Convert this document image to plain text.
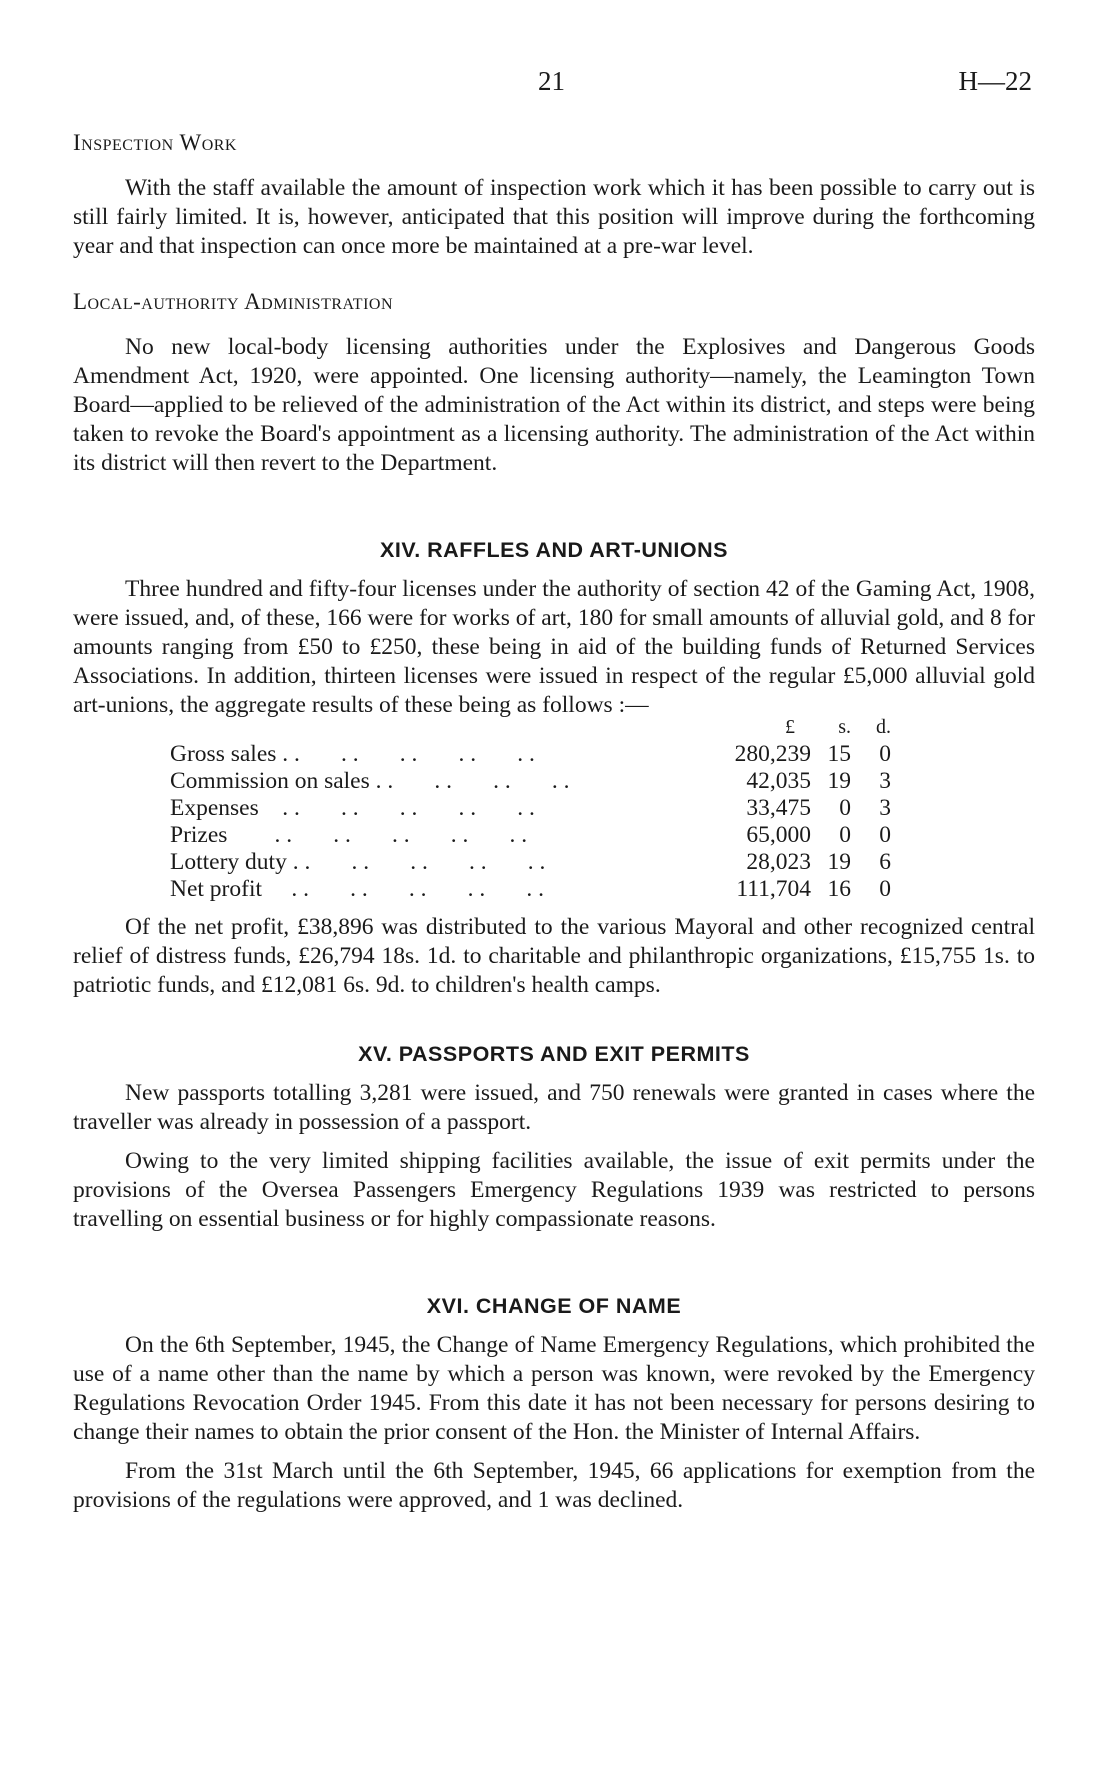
21	H—22
Inspection Work

With the staff available the amount of inspection work which it has been possible to carry out is still fairly limited. It is, however, anticipated that this position will improve during the forthcoming year and that inspection can once more be maintained at a pre-war level.

Local-authority Administration

No new local-body licensing authorities under the Explosives and Dangerous Goods Amendment Act, 1920, were appointed. One licensing authority—namely, the Leamington Town Board—applied to be relieved of the administration of the Act within its district, and steps were being taken to revoke the Board's appointment as a licensing authority. The administration of the Act within its district will then revert to the Department.

XIV. RAFFLES AND ART-UNIONS

Three hundred and fifty-four licenses under the authority of section 42 of the Gaming Act, 1908, were issued, and, of these, 166 were for works of art, 180 for small amounts of alluvial gold, and 8 for amounts ranging from £50 to £250, these being in aid of the building funds of Returned Services Associations. In addition, thirteen licenses were issued in respect of the regular £5,000 alluvial gold art-unions, the aggregate results of these being as follows :—

	£	s.	d.
Gross sales . .       . .       . .       . .       . .	280,239	15	0
Commission on sales . .       . .       . .       . .	42,035	19	3
Expenses    . .       . .       . .       . .       . .	33,475	0	3
Prizes        . .       . .       . .       . .       . .	65,000	0	0
Lottery duty . .       . .       . .       . .       . .	28,023	19	6
Net profit     . .       . .       . .       . .       . .	111,704	16	0

Of the net profit, £38,896 was distributed to the various Mayoral and other recognized central relief of distress funds, £26,794 18s. 1d. to charitable and philanthropic organizations, £15,755 1s. to patriotic funds, and £12,081 6s. 9d. to children's health camps.

XV. PASSPORTS AND EXIT PERMITS

New passports totalling 3,281 were issued, and 750 renewals were granted in cases where the traveller was already in possession of a passport.

Owing to the very limited shipping facilities available, the issue of exit permits under the provisions of the Oversea Passengers Emergency Regulations 1939 was restricted to persons travelling on essential business or for highly compassionate reasons.

XVI. CHANGE OF NAME

On the 6th September, 1945, the Change of Name Emergency Regulations, which prohibited the use of a name other than the name by which a person was known, were revoked by the Emergency Regulations Revocation Order 1945. From this date it has not been necessary for persons desiring to change their names to obtain the prior consent of the Hon. the Minister of Internal Affairs.

From the 31st March until the 6th September, 1945, 66 applications for exemption from the provisions of the regulations were approved, and 1 was declined.
